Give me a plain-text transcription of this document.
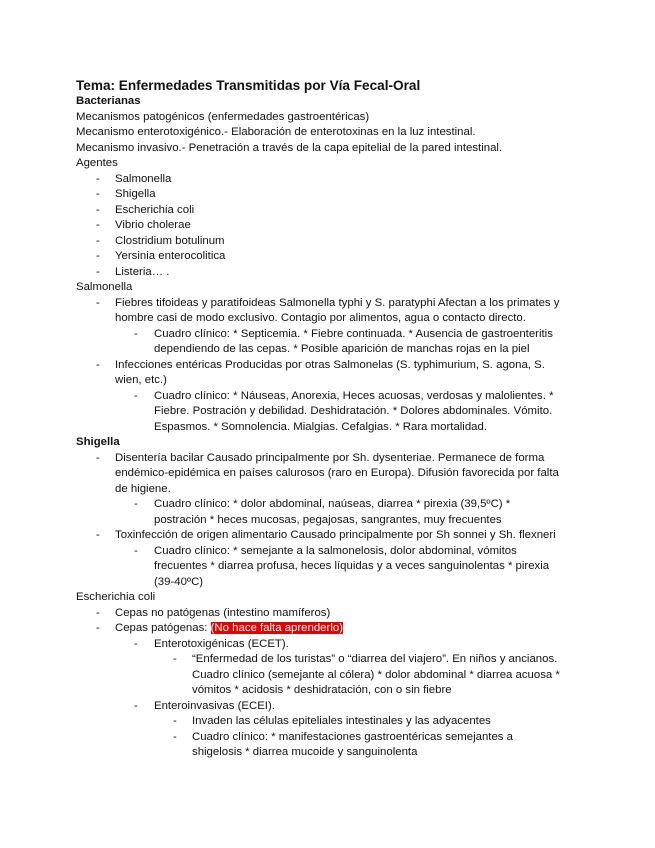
Tema: Enfermedades Transmitidas por Vía Fecal-Oral
Bacterianas
Mecanismos patogénicos (enfermedades gastroentéricas)
Mecanismo enterotoxigénico.- Elaboración de enterotoxinas en la luz intestinal.
Mecanismo invasivo.- Penetración a través de la capa epitelial de la pared intestinal.
Agentes
- Salmonella
- Shigella
- Escherichia coli
- Vibrio cholerae
- Clostridium botulinum
- Yersinia enterocolitica
- Listeria… .
Salmonella
- Fiebres tifoideas y paratifoideas Salmonella typhi y S. paratyphi Afectan a los primates y
hombre casi de modo exclusivo. Contagio por alimentos, agua o contacto directo.
- Cuadro clínico: * Septicemia. * Fiebre continuada. * Ausencia de gastroenteritis
dependiendo de las cepas. * Posible aparición de manchas rojas en la piel
- Infecciones entéricas Producidas por otras Salmonelas (S. typhimurium, S. agona, S.
wien, etc.)
- Cuadro clínico: * Náuseas, Anorexia, Heces acuosas, verdosas y malolientes. *
Fiebre. Postración y debilidad. Deshidratación. * Dolores abdominales. Vómito.
Espasmos. * Somnolencia. Mialgias. Cefalgias. * Rara mortalidad.
Shigella
- Disentería bacilar Causado principalmente por Sh. dysenteriae. Permanece de forma
endémico-epidémica en países calurosos (raro en Europa). Difusión favorecida por falta
de higiene.
- Cuadro clínico: * dolor abdominal, naúseas, diarrea * pirexia (39,5ºC) *
postración * heces mucosas, pegajosas, sangrantes, muy frecuentes
- Toxinfección de origen alimentario Causado principalmente por Sh sonnei y Sh. flexneri
- Cuadro clínico: * semejante a la salmonelosis, dolor abdominal, vómitos
frecuentes * diarrea profusa, heces líquidas y a veces sanguinolentas * pirexia
(39-40ºC)
Escherichia coli
- Cepas no patógenas (intestino mamíferos)
- Cepas patógenas: (No hace falta aprenderlo)
- Enterotoxigénicas (ECET).
- “Enfermedad de los turistas” o “diarrea del viajero”. En niños y ancianos.
Cuadro clínico (semejante al cólera) * dolor abdominal * diarrea acuosa *
vómitos * acidosis * deshidratación, con o sin fiebre
- Enteroinvasivas (ECEI).
- Invaden las células epiteliales intestinales y las adyacentes
- Cuadro clínico: * manifestaciones gastroentéricas semejantes a
shigelosis * diarrea mucoide y sanguinolenta
